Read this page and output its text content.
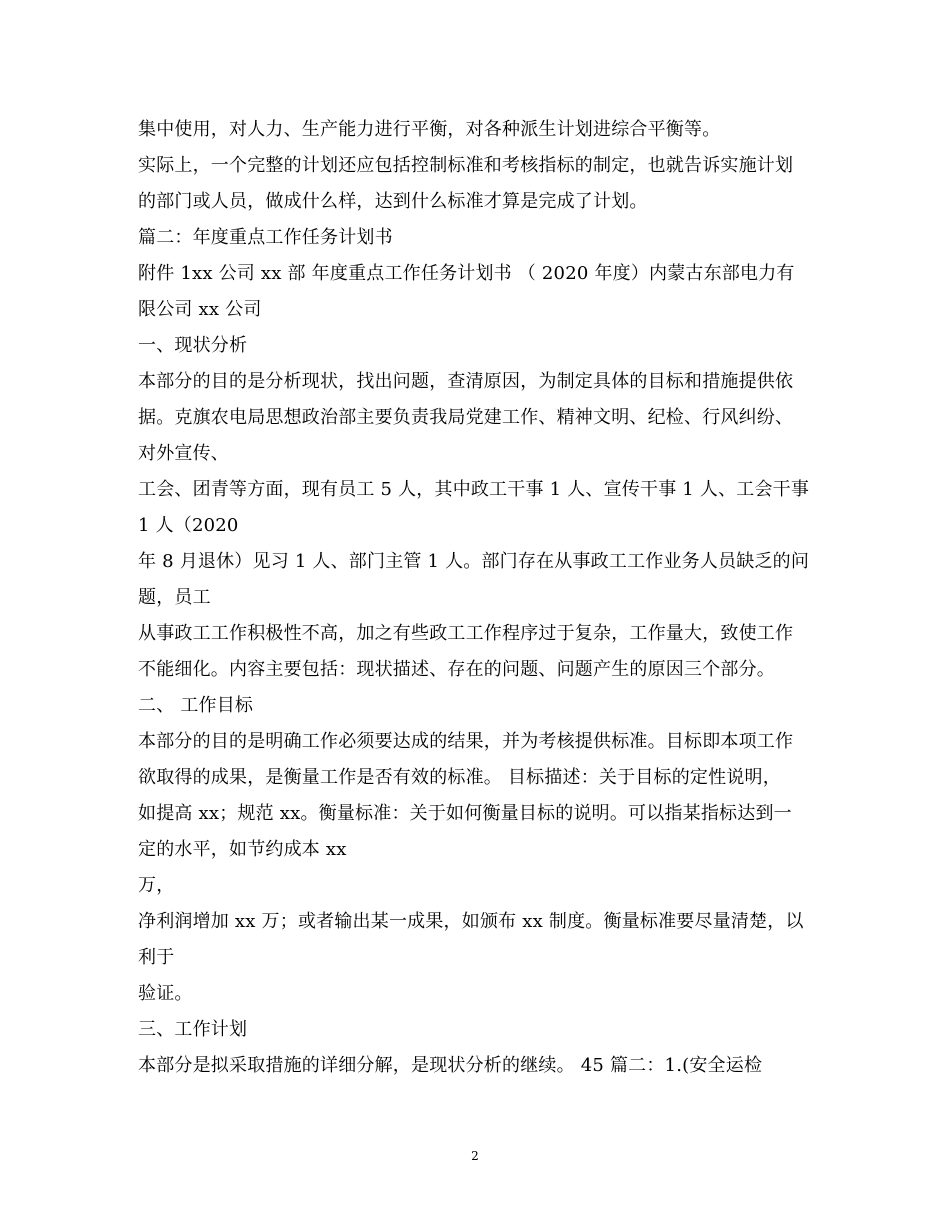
集中使用，对人力、生产能力进行平衡，对各种派生计划进综合平衡等。
实际上，一个完整的计划还应包括控制标准和考核指标的制定，也就告诉实施计划
的部门或人员，做成什么样，达到什么标准才算是完成了计划。
篇二：年度重点工作任务计划书
附件 1xx 公司 xx 部 年度重点工作任务计划书 （ 2020 年度）内蒙古东部电力有
限公司 xx 公司
一、现状分析
本部分的目的是分析现状，找出问题，查清原因，为制定具体的目标和措施提供依
据。克旗农电局思想政治部主要负责我局党建工作、精神文明、纪检、行风纠纷、
对外宣传、
工会、团青等方面，现有员工 5 人，其中政工干事 1 人、宣传干事 1 人、工会干事
1 人（2020
年 8 月退休）见习 1 人、部门主管 1 人。部门存在从事政工工作业务人员缺乏的问
题，员工
从事政工工作积极性不高，加之有些政工工作程序过于复杂，工作量大，致使工作
不能细化。内容主要包括：现状描述、存在的问题、问题产生的原因三个部分。
二、 工作目标
本部分的目的是明确工作必须要达成的结果，并为考核提供标准。目标即本项工作
欲取得的成果，是衡量工作是否有效的标准。 目标描述：关于目标的定性说明，
如提高 xx；规范 xx。衡量标准：关于如何衡量目标的说明。可以指某指标达到一
定的水平，如节约成本 xx
万，
净利润增加 xx 万；或者输出某一成果，如颁布 xx 制度。衡量标准要尽量清楚，以
利于
验证。
三、工作计划
本部分是拟采取措施的详细分解，是现状分析的继续。 45 篇二：1.(安全运检
2
